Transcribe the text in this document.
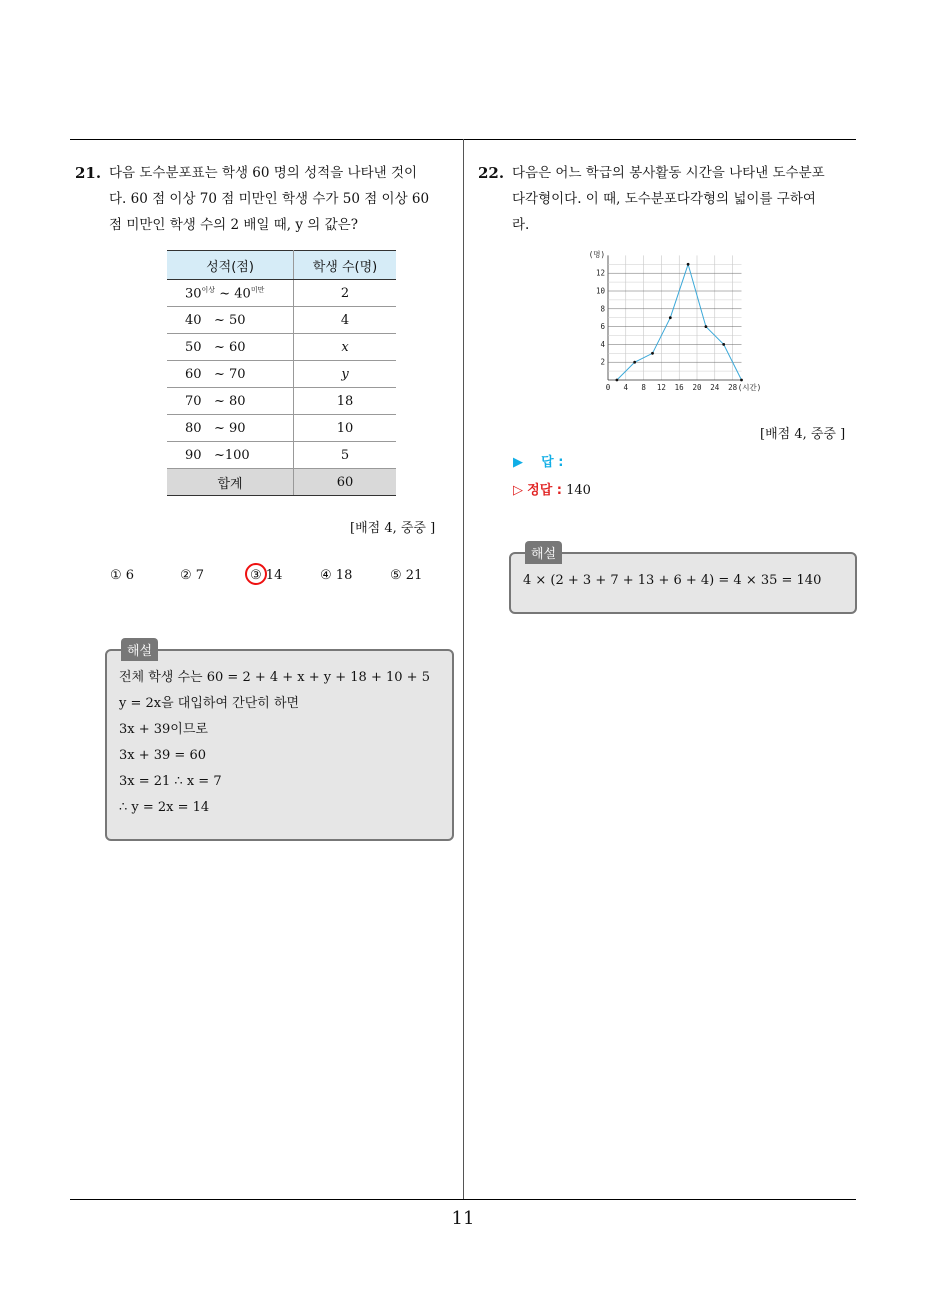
21. 다음 도수분포표는 학생 60 명의 성적을 나타낸 것이
다. 60 점 이상 70 점 미만인 학생 수가 50 점 이상 60
점 미만인 학생 수의 2 배일 때, y 의 값은?
성적(점)	학생 수(명)
$30^{이상}$ ~ $40^{미만}$	2
40   ~ 50	4
50   ~ 60	x
60   ~ 70	y
70   ~ 80	18
80   ~ 90	10
90   ~100	5
합계	60
[배점 4, 중중 ]
① 6	② 7	③ 14	④ 18	⑤ 21
해설
전체 학생 수는 60 = 2 + 4 + x + y + 18 + 10 + 5
y = 2x을 대입하여 간단히 하면
3x + 39이므로
3x + 39 = 60
3x = 21 ∴ x = 7
∴ y = 2x = 14
22. 다음은 어느 학급의 봉사활동 시간을 나타낸 도수분포
다각형이다. 이 때, 도수분포다각형의 넓이를 구하여
라.
0 4 8 12 16 20 24 28
2
4
6
8
10
12
(시간)
(명)
[배점 4, 중중 ]
▶ 답 :
▷ 정답 : 140
해설
4 × (2 + 3 + 7 + 13 + 6 + 4) = 4 × 35 = 140
11
